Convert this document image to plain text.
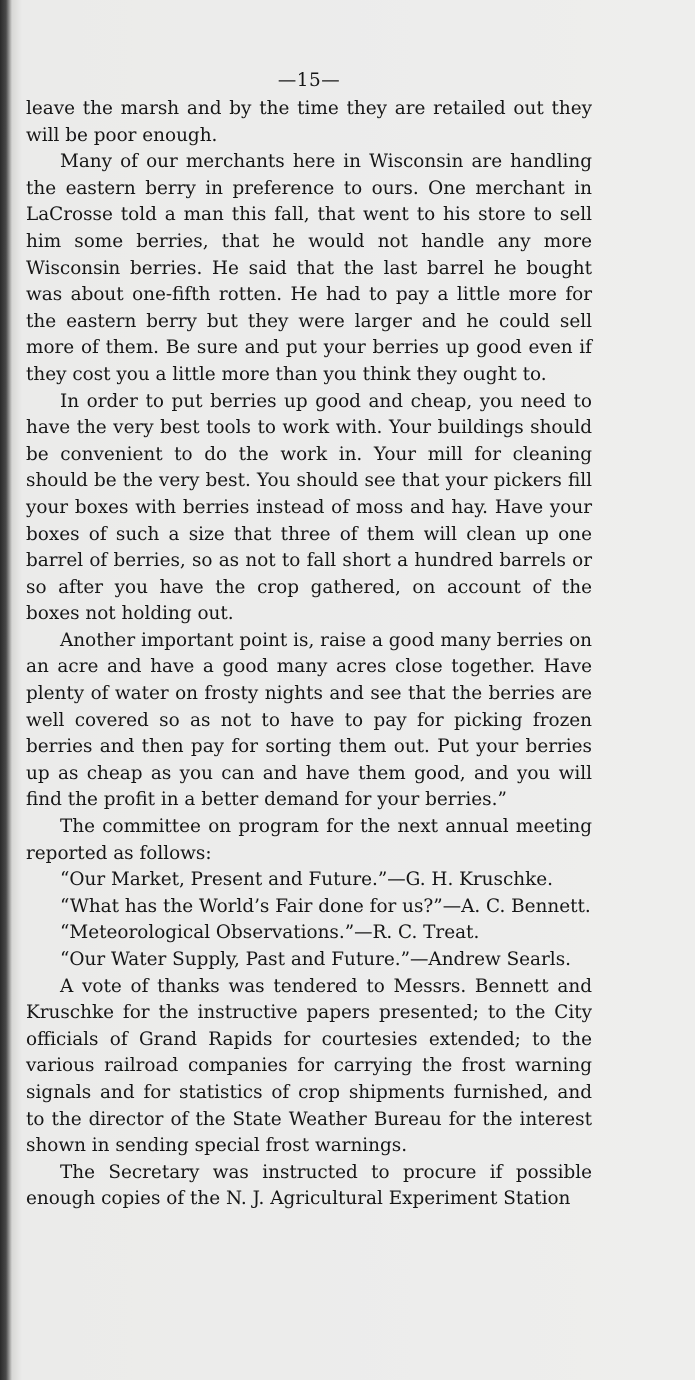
—15—

leave the marsh and by the time they are retailed out they will be poor enough.

Many of our merchants here in Wisconsin are handling the eastern berry in preference to ours. One merchant in LaCrosse told a man this fall, that went to his store to sell him some berries, that he would not handle any more Wisconsin berries. He said that the last barrel he bought was about one-fifth rotten. He had to pay a little more for the eastern berry but they were larger and he could sell more of them. Be sure and put your berries up good even if they cost you a little more than you think they ought to.

In order to put berries up good and cheap, you need to have the very best tools to work with. Your buildings should be convenient to do the work in. Your mill for cleaning should be the very best. You should see that your pickers fill your boxes with berries instead of moss and hay. Have your boxes of such a size that three of them will clean up one barrel of berries, so as not to fall short a hundred barrels or so after you have the crop gathered, on account of the boxes not holding out.

Another important point is, raise a good many berries on an acre and have a good many acres close together. Have plenty of water on frosty nights and see that the berries are well covered so as not to have to pay for picking frozen berries and then pay for sorting them out. Put your berries up as cheap as you can and have them good, and you will find the profit in a better demand for your berries.”

The committee on program for the next annual meeting reported as follows:

“Our Market, Present and Future.”—G. H. Kruschke.

“What has the World’s Fair done for us?”—A. C. Bennett.

“Meteorological Observations.”—R. C. Treat.

“Our Water Supply, Past and Future.”—Andrew Searls.

A vote of thanks was tendered to Messrs. Bennett and Kruschke for the instructive papers presented; to the City officials of Grand Rapids for courtesies extended; to the various railroad companies for carrying the frost warning signals and for statistics of crop shipments furnished, and to the director of the State Weather Bureau for the interest shown in sending special frost warnings.

The Secretary was instructed to procure if possible enough copies of the N. J. Agricultural Experiment Station
